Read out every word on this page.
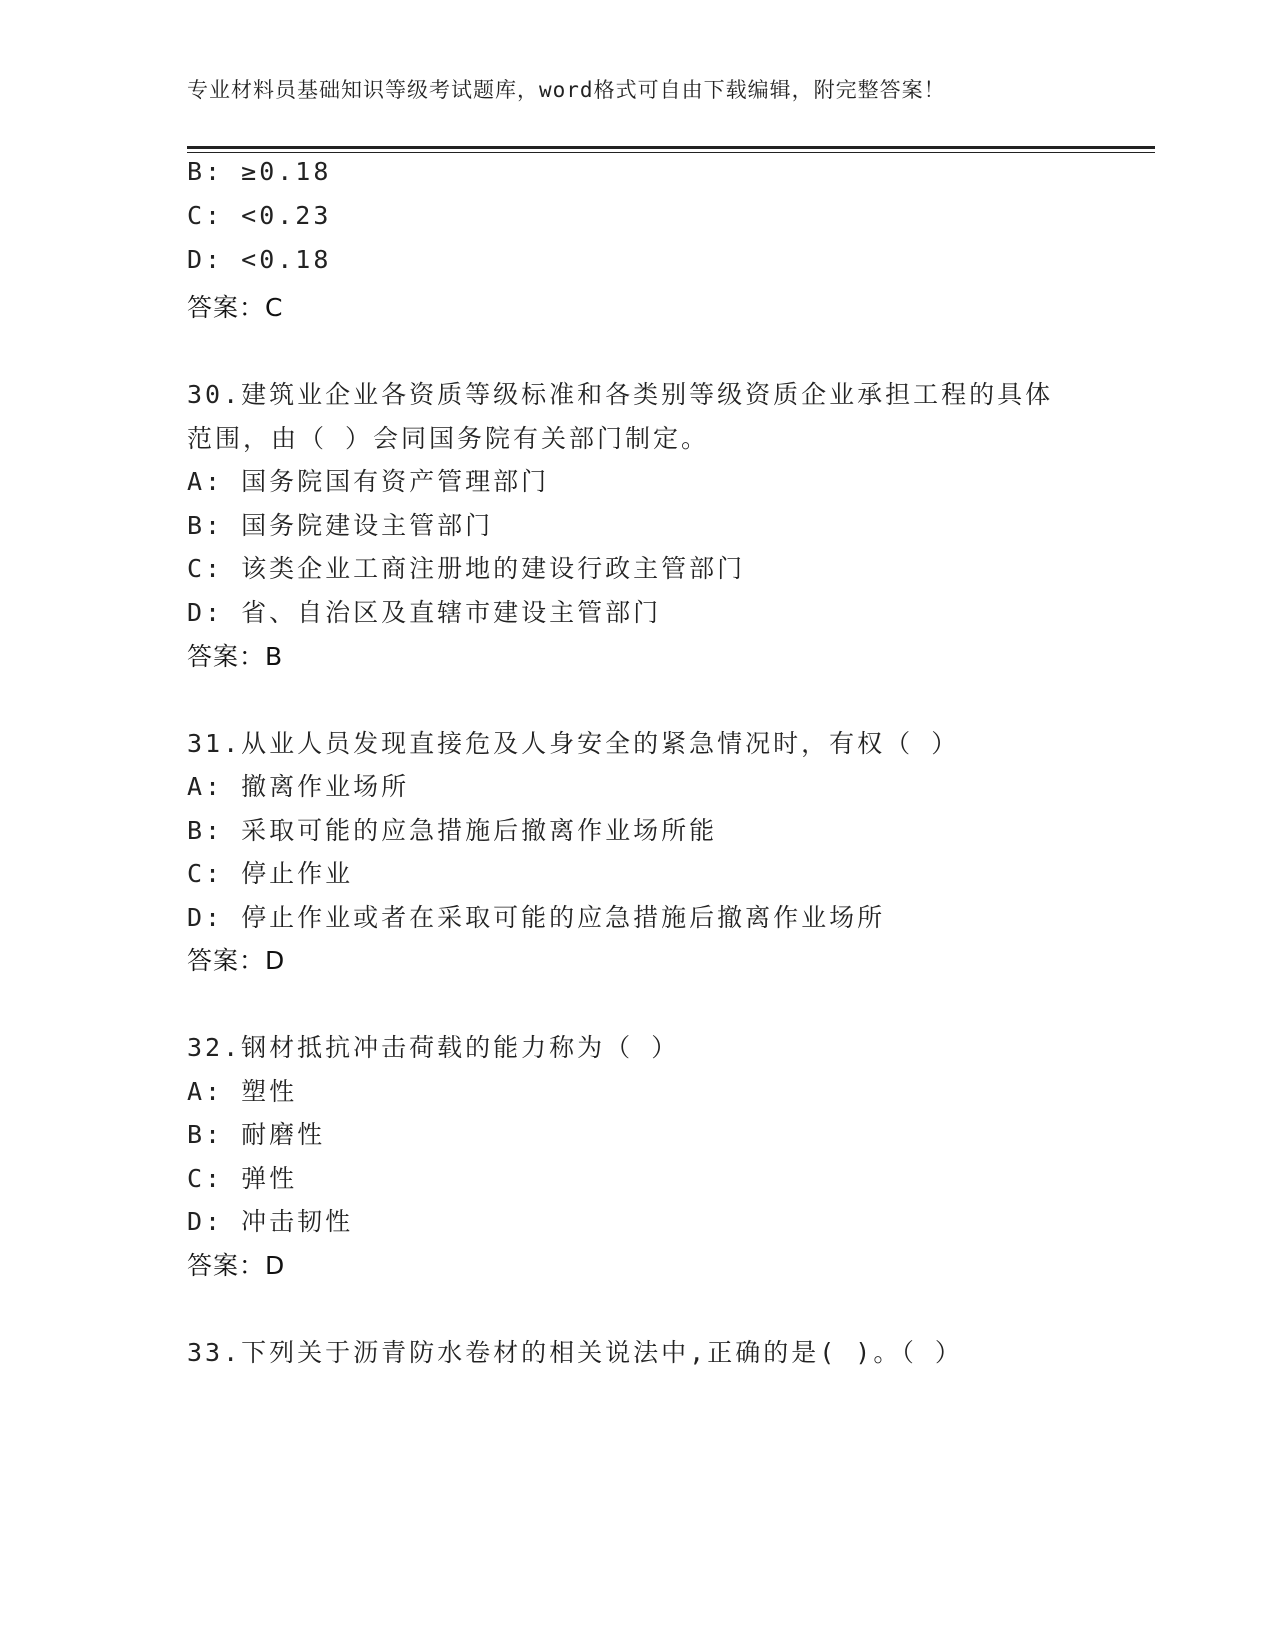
专业材料员基础知识等级考试题库，word格式可自由下载编辑，附完整答案！
B: ≥0.18
C: <0.23
D: <0.18
答案：C
30.建筑业企业各资质等级标准和各类别等级资质企业承担工程的具体
范围，由（ ）会同国务院有关部门制定。
A: 国务院国有资产管理部门
B: 国务院建设主管部门
C: 该类企业工商注册地的建设行政主管部门
D: 省、自治区及直辖市建设主管部门
答案：B
31.从业人员发现直接危及人身安全的紧急情况时，有权（ ）
A: 撤离作业场所
B: 采取可能的应急措施后撤离作业场所能
C: 停止作业
D: 停止作业或者在采取可能的应急措施后撤离作业场所
答案：D
32.钢材抵抗冲击荷载的能力称为（ ）
A: 塑性
B: 耐磨性
C: 弹性
D: 冲击韧性
答案：D
33.下列关于沥青防水卷材的相关说法中,正确的是( )。（ ）
